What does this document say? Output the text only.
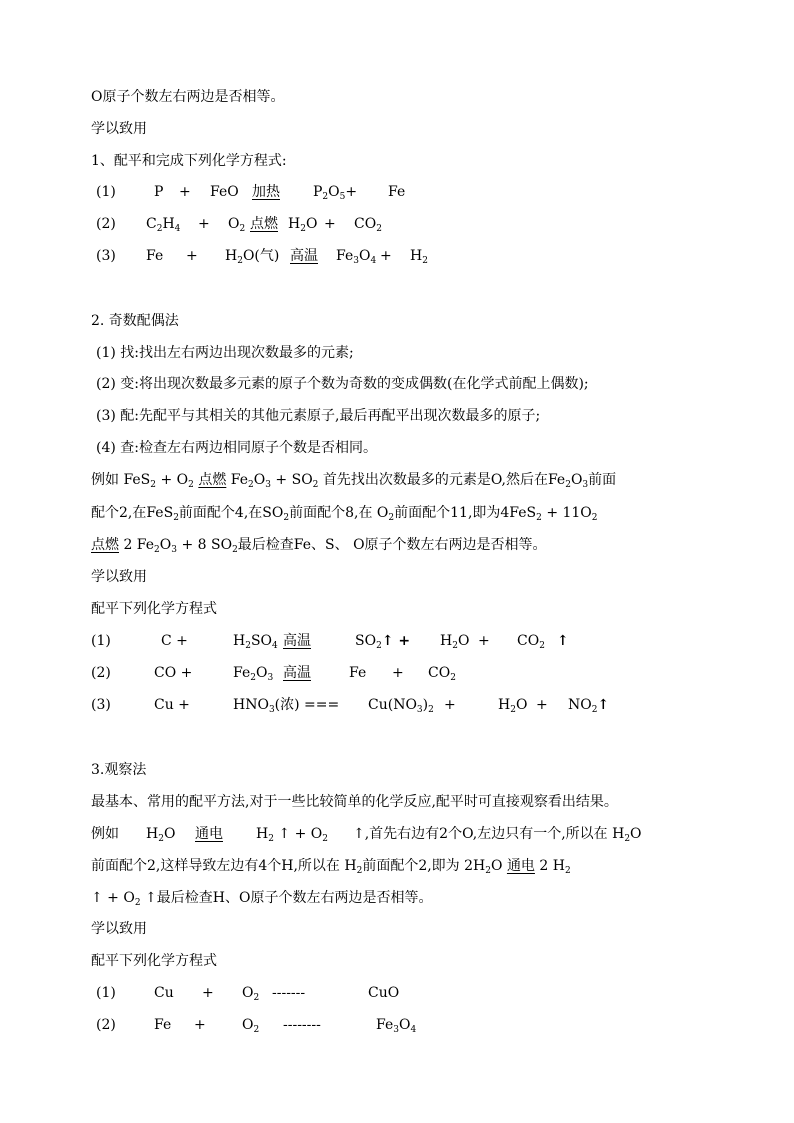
O原子个数左右两边是否相等。
学以致用
1、配平和完成下列化学方程式:
(1)	P + FeO 加热 $P_2O_5+ Fe$
(2) $C_2H_4 + O_2$ 点燃 $H_2O + CO_2$
(3) $Fe + H_2O$(气) 高温 $Fe_3O_4 + H_2$
2. 奇数配偶法
(1) 找:找出左右两边出现次数最多的元素;
(2) 变:将出现次数最多元素的原子个数为奇数的变成偶数(在化学式前配上偶数);
(3) 配:先配平与其相关的其他元素原子,最后再配平出现次数最多的原子;
(4) 查:检查左右两边相同原子个数是否相同。
例如 $FeS_2 + O_2$ 点燃 $Fe_2O_3 + SO_2$ 首先找出次数最多的元素是O,然后在$Fe_2O_3$前面
配个2,在FeS$_2$前面配个4,在$SO_2$前面配个8,在 $O_2$前面配个11,即为$4FeS_2 + 11O_2$
点燃 2 $Fe_2O_3 + 8$ $SO_2$最后检查Fe、S、 O原子个数左右两边是否相等。
学以致用
配平下列化学方程式
(1)	C +	$H_2SO_4$ 高温	$SO_2↑ + H_2O + CO_2$ ↑
(2)	CO +	$Fe_2O_3$ 高温	$Fe + CO_2$
(3)	Cu +	$HNO_3$(浓) === $Cu(NO_3)_2$ +	$H_2O$ + $NO_2↑$
3.观察法
最基本、常用的配平方法,对于一些比较简单的化学反应,配平时可直接观察看出结果。
例如 $H_2O$ 通电 $H_2$ ↑ + $O_2$ ↑,首先右边有2个O,左边只有一个,所以在 $H_2O$
前面配个2,这样导致左边有4个H,所以在 $H_2$前面配个2,即为 $2H_2O$ 通电 2 $H_2$
↑ + $O_2$ ↑最后检查H、O原子个数左右两边是否相等。
学以致用
配平下列化学方程式
(1)	$Cu + O_2$ -------	CuO
(2)	Fe +	$O_2$ --------	$Fe_3O_4$
